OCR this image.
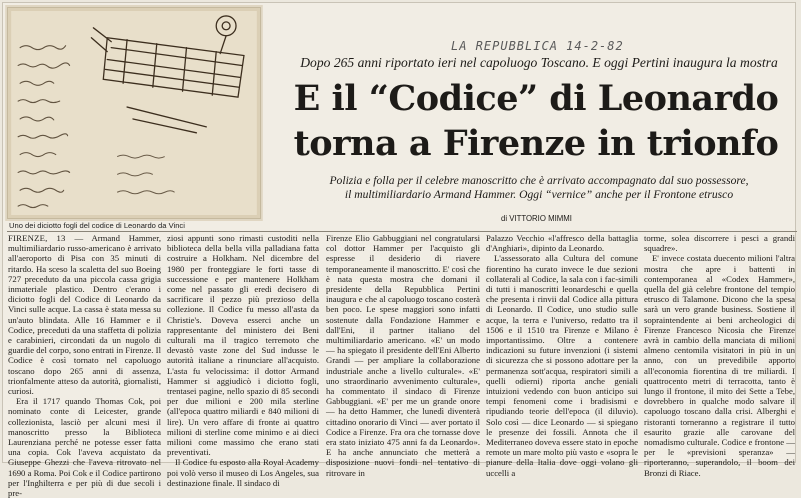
Uno dei diciotto fogli del codice di Leonardo da Vinci
LA REPUBBLICA 14-2-82
Dopo 265 anni riportato ieri nel capoluogo Toscano. E oggi Pertini inaugura la mostra
E il “Codice” di Leonardo
torna a Firenze in trionfo
Polizia e folla per il celebre manoscritto che è arrivato accompagnato dal suo possessore,
il multimiliardario Armand Hammer. Oggi “vernice” anche per il Frontone etrusco
di VITTORIO MIMMI

FIRENZE, 13 — Armand Hammer, multimiliardario russo-americano è arrivato all'aeroporto di Pisa con 35 minuti di ritardo. Ha sceso la scaletta del suo Boeing 727 preceduto da una piccola cassa grigia inmateriale plastico. Dentro c'erano i diciotto fogli del Codice di Leonardo da Vinci sulle acque. La cassa è stata messa su un'auto blindata. Alle 16 Hammer e il Codice, preceduti da una staffetta di polizia e carabinieri, circondati da un nugolo di guardie del corpo, sono entrati in Firenze. Il Codice è così tornato nel capoluogo toscano dopo 265 anni di assenza, trionfalmente atteso da autorità, giornalisti, curiosi.

Era il 1717 quando Thomas Cok, poi nominato conte di Leicester, grande collezionista, lasciò per alcuni mesi il manoscritto presso la Biblioteca Laurenziana perché ne potesse esser fatta una copia. Cok l'aveva acquistato da Giuseppe Ghezzi che l'aveva ritrovato nel 1690 a Roma. Poi Cok e il Codice partirono per l'Inghilterra e per più di due secoli i pre-

ziosi appunti sono rimasti custoditi nella biblioteca della bella villa palladiana fatta costruire a Holkham. Nel dicembre del 1980 per fronteggiare le forti tasse di successione e per mantenere Holkham come nel passato gli eredi decisero di sacrificare il pezzo più prezioso della collezione. Il Codice fu messo all'asta da Christie's. Doveva esserci anche un rappresentante del ministero dei Beni culturali ma il tragico terremoto che devastò vaste zone del Sud indusse le autorità italiane a rinunciare all'acquisto. L'asta fu velocissima: il dottor Armand Hammer si aggiudicò i diciotto fogli, trentasei pagine, nello spazio di 85 secondi per due milioni e 200 mila sterline (all'epoca quattro miliardi e 840 milioni di lire). Un vero affare di fronte ai quattro milioni di sterline come minimo e ai dieci milioni come massimo che erano stati preventivati.

Il Codice fu esposto alla Royal Academy poi volò verso il museo di Los Angeles, sua destinazione finale. Il sindaco di

Firenze Elio Gabbuggiani nel congratularsi col dottor Hammer per l'acquisto gli espresse il desiderio di riavere temporaneamente il manoscritto. E' così che è nata questa mostra che domani il presidente della Repubblica Pertini inaugura e che al capoluogo toscano costerà ben poco. Le spese maggiori sono infatti sostenute dalla Fondazione Hammer e dall'Eni, il partner italiano del multimiliardario americano. «E' un modo — ha spiegato il presidente dell'Eni Alberto Grandi — per ampliare la collaborazione industriale anche a livello culturale». «E' uno straordinario avvenimento culturale», ha commentato il sindaco di Firenze Gabbuggiani. «E' per me un grande onore — ha detto Hammer, che lunedì diventerà cittadino onorario di Vinci — aver portato il Codice a Firenze. Fra ora che tornasse dove era stato iniziato 475 anni fa da Leonardo». E ha anche annunciato che metterà a disposizione nuovi fondi nel tentativo di ritrovare in

Palazzo Vecchio «l'affresco della battaglia d'Anghiari», dipinto da Leonardo.

L'assessorato alla Cultura del comune fiorentino ha curato invece le due sezioni collaterali al Codice, la sala con i fac-simili di tutti i manoscritti leonardeschi e quella che presenta i rinvii dal Codice alla pittura di Leonardo. Il Codice, uno studio sulle acque, la terra e l'universo, redatto tra il 1506 e il 1510 tra Firenze e Milano è importantissimo. Oltre a contenere indicazioni su future invenzioni (i sistemi di sicurezza che si possono adottare per la permanenza sott'acqua, respiratori simili a quelli odierni) riporta anche geniali intuizioni vedendo con buon anticipo sui tempi fenomeni come i bradisismi e ripudiando teorie dell'epoca (il diluvio). Solo così — dice Leonardo — si spiegano le presenze dei fossili. Annota che il Mediterraneo doveva essere stato in epoche remote un mare molto più vasto e «sopra le pianure della Italia dove oggi volano gli uccelli a

torme, solea discorrere i pesci a grandi squadre».

E' invece costata duecento milioni l'altra mostra che apre i battenti in contemporanea al «Codex Hammer», quella del già celebre frontone del tempio etrusco di Talamone. Dicono che la spesa sarà un vero grande business. Sostiene il sopraintendente ai beni archeologici di Firenze Francesco Nicosia che Firenze avrà in cambio della manciata di milioni almeno centomila visitatori in più in un anno, con un prevedibile apporto all'economia fiorentina di tre miliardi. I quattrocento metri di terracotta, tanto è lungo il frontone, il mito dei Sette a Tebe, dovrebbero in qualche modo salvare il capoluogo toscano dalla crisi. Alberghi e ristoranti torneranno a registrare il tutto esaurito grazie alle carovane del nomadismo culturale. Codice e frontone — per le «previsioni speranza» — riporteranno, superandolo, il boom dei Bronzi di Riace.
